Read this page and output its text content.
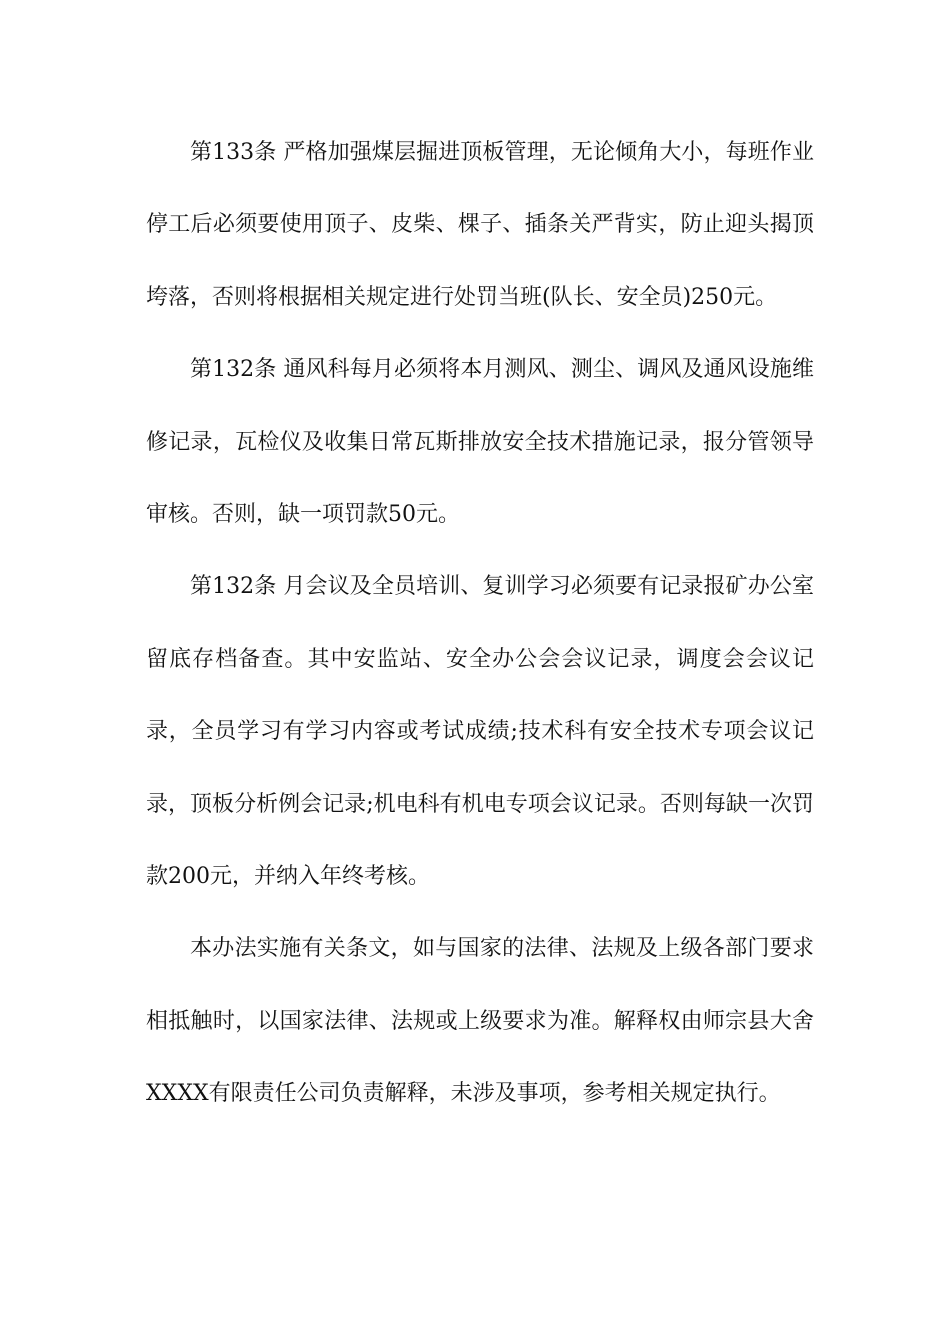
第133条 严格加强煤层掘进顶板管理，无论倾角大小，每班作业停工后必须要使用顶子、皮柴、棵子、插条关严背实，防止迎头揭顶垮落，否则将根据相关规定进行处罚当班(队长、安全员)250元。

第132条 通风科每月必须将本月测风、测尘、调风及通风设施维修记录，瓦检仪及收集日常瓦斯排放安全技术措施记录，报分管领导审核。否则，缺一项罚款50元。

第132条 月会议及全员培训、复训学习必须要有记录报矿办公室留底存档备查。其中安监站、安全办公会会议记录，调度会会议记录，全员学习有学习内容或考试成绩;技术科有安全技术专项会议记录，顶板分析例会记录;机电科有机电专项会议记录。否则每缺一次罚款200元，并纳入年终考核。

本办法实施有关条文，如与国家的法律、法规及上级各部门要求相抵触时，以国家法律、法规或上级要求为准。解释权由师宗县大舍XXXX有限责任公司负责解释，未涉及事项，参考相关规定执行。
